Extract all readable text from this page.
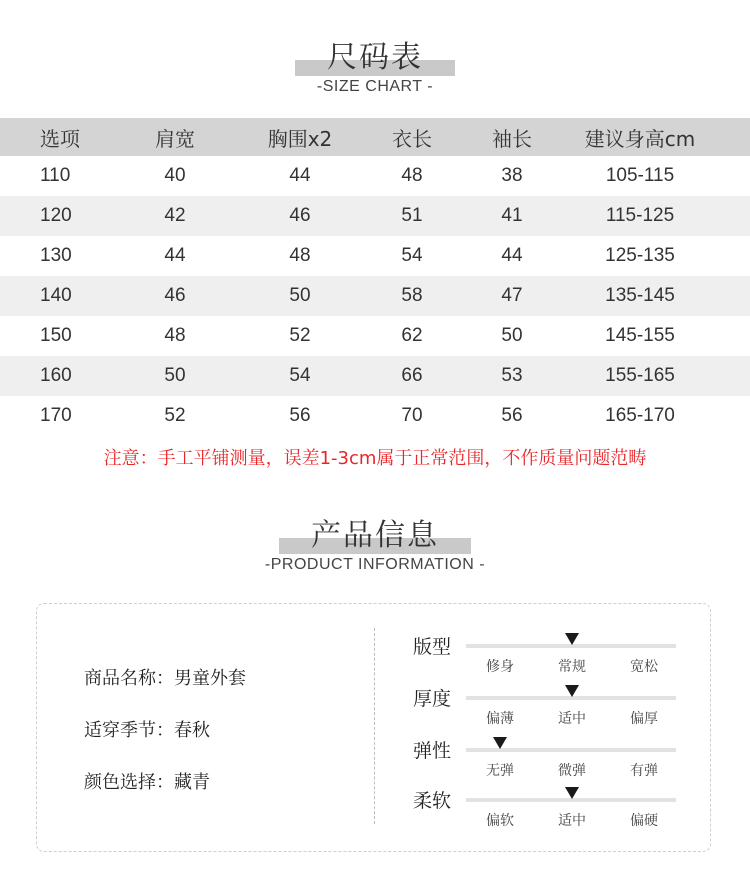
尺码表
-SIZE CHART -
选项	肩宽	胸围x2	衣长	袖长	建议身高cm
110	40	44	48	38	105-115
120	42	46	51	41	115-125
130	44	48	54	44	125-135
140	46	50	58	47	135-145
150	48	52	62	50	145-155
160	50	54	66	53	155-165
170	52	56	70	56	165-170
注意：手工平铺测量，误差1-3cm属于正常范围，不作质量问题范畴
产品信息
-PRODUCT INFORMATION -
商品名称：男童外套
适穿季节：春秋
颜色选择：藏青
版型
修身	常规	宽松
厚度
偏薄	适中	偏厚
弹性
无弹	微弹	有弹
柔软
偏软	适中	偏硬
